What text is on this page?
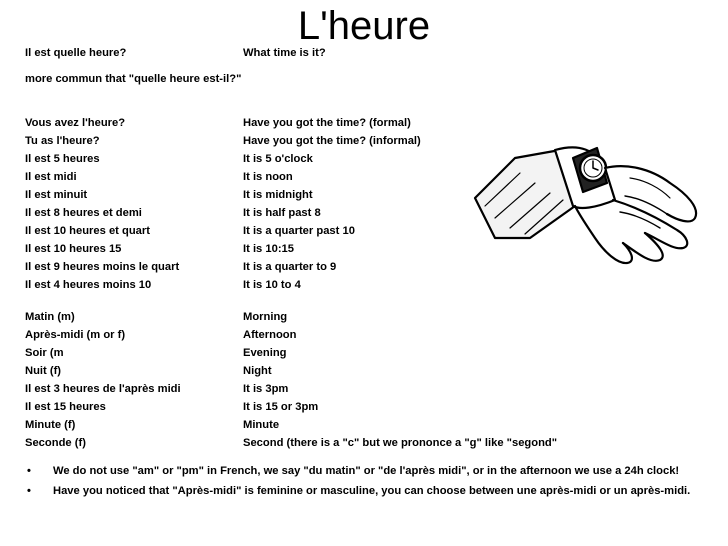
L'heure
Il est quelle heure?	What time is it?
more commun that "quelle heure est-il?"
Vous avez l'heure?	Have you got the time? (formal)
Tu as l'heure?	Have you got the time? (informal)
Il est 5 heures	It is 5 o'clock
Il est midi	It is noon
Il est minuit	It is midnight
Il est 8 heures et demi	It is half past 8
Il est 10 heures et quart	It is a quarter past 10
Il est 10 heures 15	It is 10:15
Il est 9 heures moins le quart	It is a quarter to 9
Il est 4 heures moins 10	It is 10 to 4
Matin (m)	Morning
Après-midi (m or f)	Afternoon
Soir (m	Evening
Nuit (f)	Night
Il est 3 heures de l'après midi	It is 3pm
Il est 15 heures	It is 15 or 3pm
Minute (f)	Minute
Seconde (f)	Second (there is a "c" but we prononce a "g" like "segond"
• We do not use "am" or "pm" in French, we say "du matin" or "de l'après midi", or in the afternoon we use a 24h clock!
• Have you noticed that "Après-midi" is feminine or masculine, you can choose between une après-midi or un après-midi.
